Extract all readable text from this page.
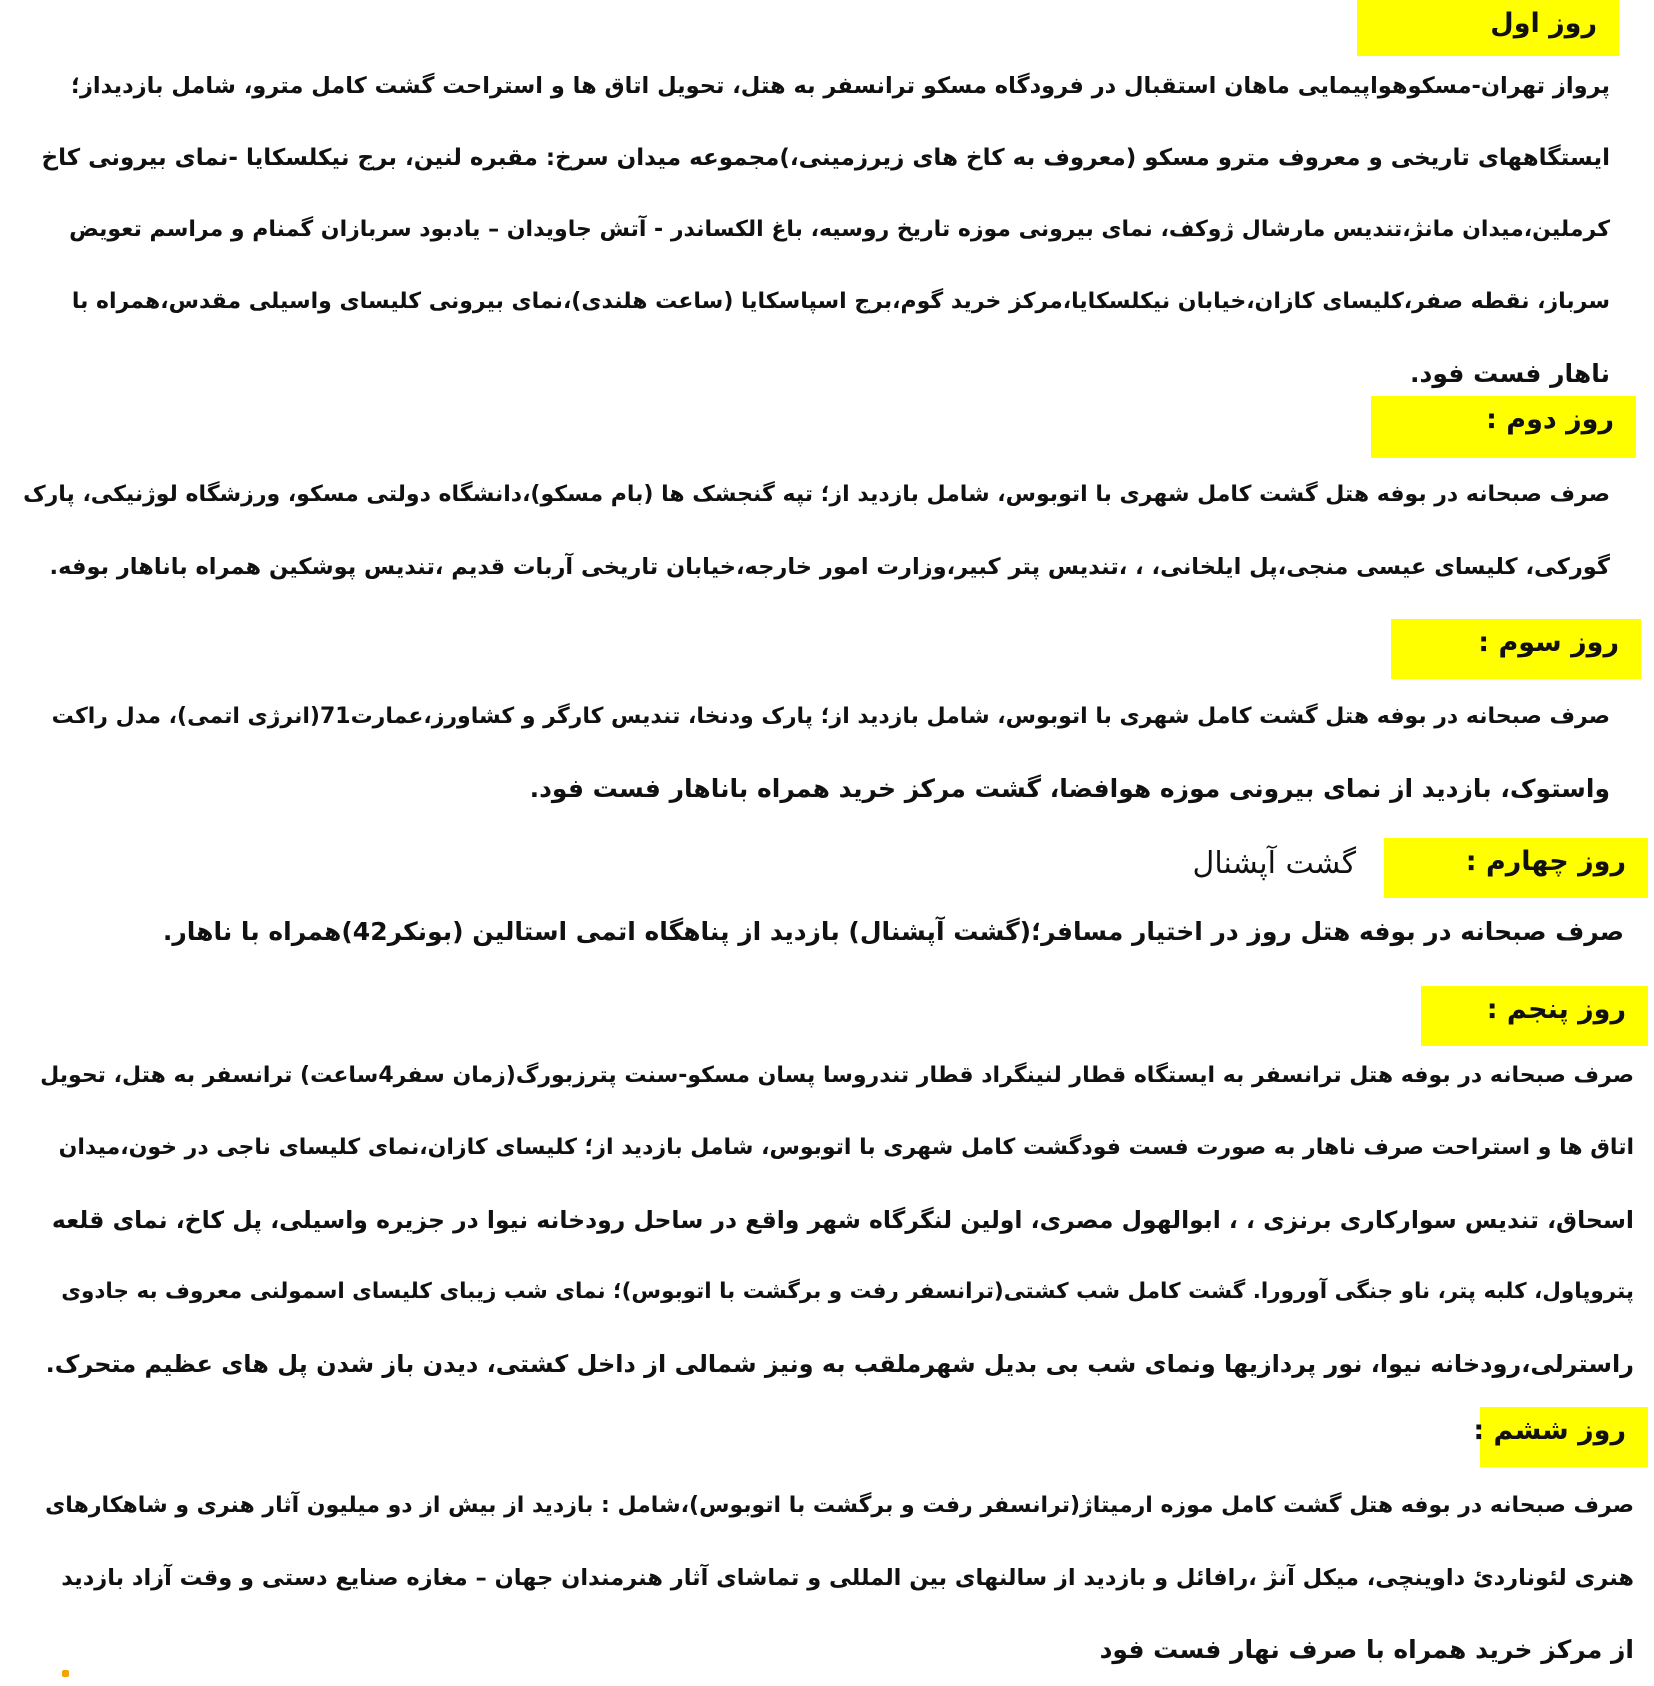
روز اول
پرواز تهران-مسکوهواپیمایی ماهان استقبال در فرودگاه مسکو ترانسفر به هتل، تحویل اتاق ها و استراحت گشت کامل مترو، شامل بازدیداز؛
ایستگاههای تاریخی و معروف مترو مسکو (معروف به کاخ های زیرزمینی،)مجموعه میدان سرخ: مقبره لنین، برج نیکلسکایا -نمای بیرونی کاخ
کرملین،میدان مانژ،تندیس مارشال ژوکف، نمای بیرونی موزه تاریخ روسیه، باغ الکساندر - آتش جاویدان – یادبود سربازان گمنام و مراسم تعویض
سرباز، نقطه صفر،کلیسای کازان،خیابان نیکلسکایا،مرکز خرید گوم،برج اسپاسکایا (ساعت هلندی)،نمای بیرونی کلیسای واسیلی مقدس،همراه با
ناهار فست فود.
روز دوم :
صرف صبحانه در بوفه هتل گشت کامل شهری با اتوبوس، شامل بازدید از؛ تپه گنجشک ها (بام مسکو)،دانشگاه دولتی مسکو، ورزشگاه لوژنیکی، پارک
گورکی، کلیسای عیسی منجی،پل ایلخانی، ، ،تندیس پتر کبیر،وزارت امور خارجه،خیابان تاریخی آربات قدیم ،تندیس پوشکین همراه باناهار بوفه.
روز سوم :
صرف صبحانه در بوفه هتل گشت کامل شهری با اتوبوس، شامل بازدید از؛ پارک ودنخا، تندیس کارگر و کشاورز،عمارت71(انرژی اتمی)، مدل راکت
واستوک، بازدید از نمای بیرونی موزه هوافضا، گشت مرکز خرید همراه باناهار فست فود.
روز چهارم :
گشت آپشنال
صرف صبحانه در بوفه هتل روز در اختیار مسافر؛(گشت آپشنال) بازدید از پناهگاه اتمی استالین (بونکر42)همراه با ناهار.
روز پنجم :
صرف صبحانه در بوفه هتل ترانسفر به ایستگاه قطار لنینگراد قطار تندروسا پسان مسکو-سنت پترزبورگ(زمان سفر4ساعت) ترانسفر به هتل، تحویل
اتاق ها و استراحت صرف ناهار به صورت فست فودگشت کامل شهری با اتوبوس، شامل بازدید از؛ کلیسای کازان،نمای کلیسای ناجی در خون،میدان
اسحاق، تندیس سوارکاری برنزی ، ، ابوالهول مصری، اولین لنگرگاه شهر واقع در ساحل رودخانه نیوا در جزیره واسیلی، پل کاخ، نمای قلعه
پتروپاول، کلبه پتر، ناو جنگی آورورا. گشت کامل شب کشتی(ترانسفر رفت و برگشت با اتوبوس)؛ نمای شب زیبای کلیسای اسمولنی معروف به جادوی
راسترلی،رودخانه نیوا، نور پردازیها ونمای شب بی بدیل شهرملقب به ونیز شمالی از داخل کشتی، دیدن باز شدن پل های عظیم متحرک.
روز ششم :
صرف صبحانه در بوفه هتل گشت کامل موزه ارمیتاژ(ترانسفر رفت و برگشت با اتوبوس)،شامل : بازدید از بیش از دو میلیون آثار هنری و شاهکارهای
هنری لئوناردیٔ داوینچی، میکل آنژ ،رافائل و بازدید از سالنهای بین المللی و تماشای آثار هنرمندان جهان – مغازه صنایع دستی و وقت آزاد بازدید
از مرکز خرید همراه با صرف نهار فست فود
